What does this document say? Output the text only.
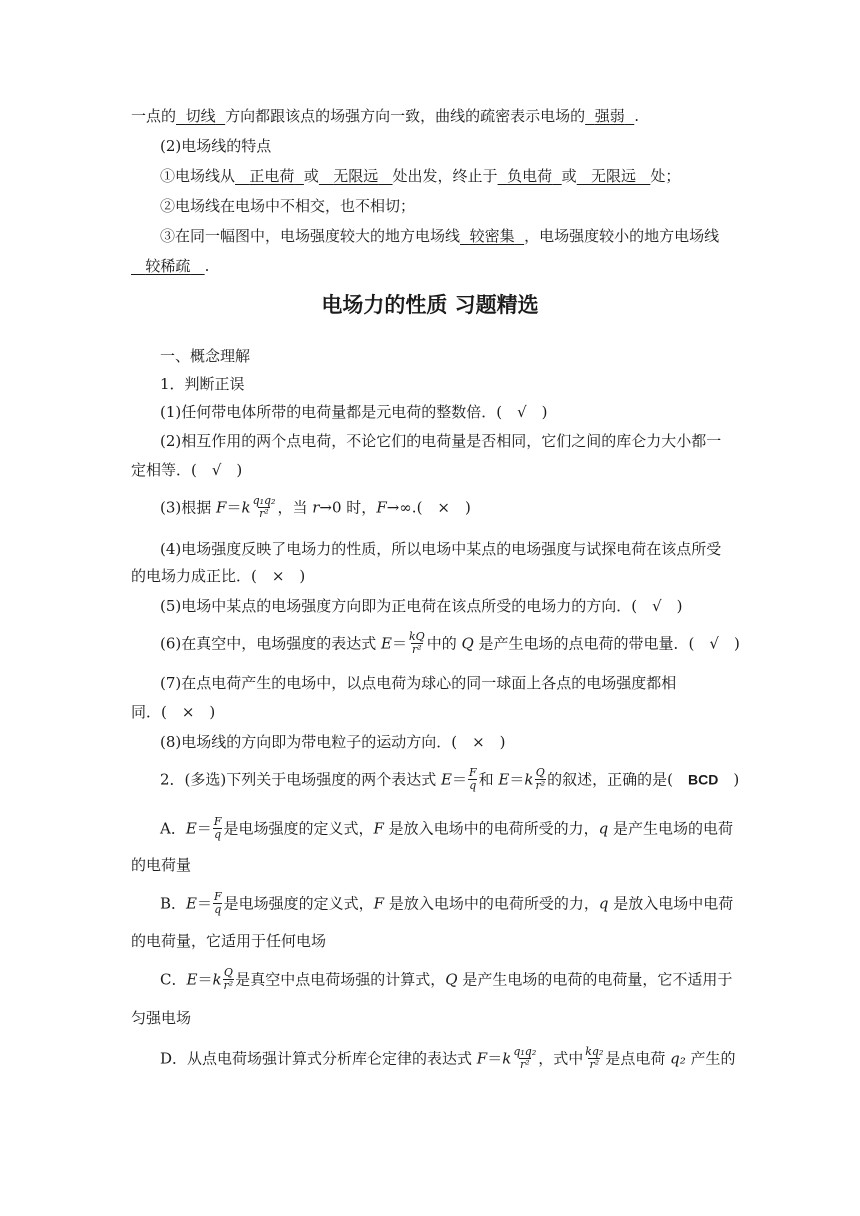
一点的 切线 方向都跟该点的场强方向一致，曲线的疏密表示电场的 强弱 .
(2)电场线的特点
①电场线从 正电荷 或 无限远 处出发，终止于 负电荷 或 无限远 处；
②电场线在电场中不相交，也不相切；
③在同一幅图中，电场强度较大的地方电场线 较密集 ，电场强度较小的地方电场线
较稀疏 .
电场力的性质 习题精选
一、概念理解
1．判断正误
(1)任何带电体所带的电荷量都是元电荷的整数倍．(　√　)
(2)相互作用的两个点电荷，不论它们的电荷量是否相同，它们之间的库仑力大小都一
定相等．(　√　)
(3)根据 $F=k \frac{\text{q₁q₂}}{\text{r²}}$ ，当 r→0 时，F→∞.(　×　)
(4)电场强度反映了电场力的性质，所以电场中某点的电场强度与试探电荷在该点所受
的电场力成正比．(　×　)
(5)电场中某点的电场强度方向即为正电荷在该点所受的电场力的方向．(　√　)
(6)在真空中，电场强度的表达式 $E= \frac{kQ}{\text{r²}}$ 中的 Q 是产生电场的点电荷的带电量．(　√　)
(7)在点电荷产生的电场中，以点电荷为球心的同一球面上各点的电场强度都相
同．(　×　)
(8)电场线的方向即为带电粒子的运动方向．(　×　)
2．(多选)下列关于电场强度的两个表达式 $E= \frac{F}{q}$ 和 $E=k \frac{Q}{\text{r²}}$ 的叙述，正确的是(　BCD　)
A．$E= \frac{F}{q}$ 是电场强度的定义式，F 是放入电场中的电荷所受的力，q 是产生电场的电荷
的电荷量
B．$E= \frac{F}{q}$ 是电场强度的定义式，F 是放入电场中的电荷所受的力，q 是放入电场中电荷
的电荷量，它适用于任何电场
C．$E=k \frac{Q}{\text{r²}}$ 是真空中点电荷场强的计算式，Q 是产生电场的电荷的电荷量，它不适用于
匀强电场
D．从点电荷场强计算式分析库仑定律的表达式 $F=k \frac{\text{q₁q₂}}{\text{r²}}$ ，式中 $\frac{\text{kq₂}}{\text{r²}}$ 是点电荷 q₂ 产生的
